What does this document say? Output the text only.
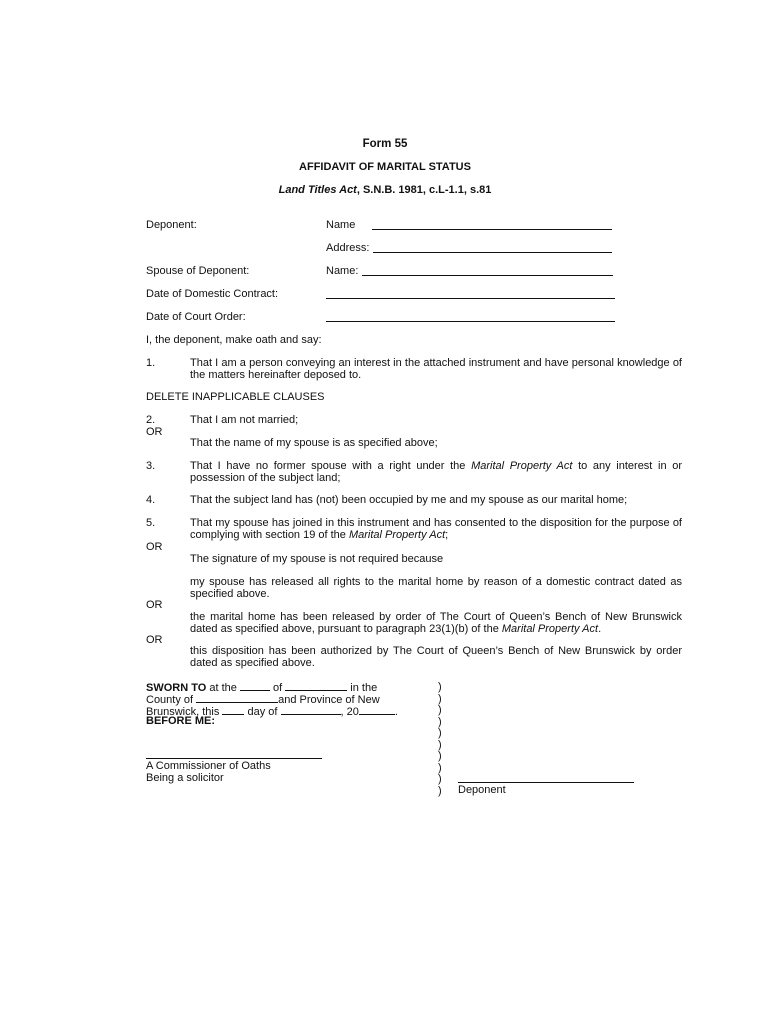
Form 55
AFFIDAVIT OF MARITAL STATUS
Land Titles Act, S.N.B. 1981, c.L-1.1, s.81
Deponent:	Name
Address:
Spouse of Deponent:	Name:
Date of Domestic Contract:
Date of Court Order:
I, the deponent, make oath and say:
1.	That I am a person conveying an interest in the attached instrument and have personal knowledge of the matters hereinafter deposed to.
DELETE INAPPLICABLE CLAUSES
2.	That I am not married;
OR
That the name of my spouse is as specified above;
3.	That I have no former spouse with a right under the Marital Property Act to any interest in or possession of the subject land;
4.	That the subject land has (not) been occupied by me and my spouse as our marital home;
5.	That my spouse has joined in this instrument and has consented to the disposition for the purpose of complying with section 19 of the Marital Property Act;
OR
The signature of my spouse is not required because
my spouse has released all rights to the marital home by reason of a domestic contract dated as specified above.
OR
the marital home has been released by order of The Court of Queen’s Bench of New Brunswick dated as specified above, pursuant to paragraph 23(1)(b) of the Marital Property Act.
OR
this disposition has been authorized by The Court of Queen’s Bench of New Brunswick by order dated as specified above.
SWORN TO at the	of	in the
County of	and Province of New
Brunswick, this  day of	, 20	.
BEFORE ME:
A Commissioner of Oaths
Being a solicitor
)
)
)
)
)
)
)
)
)
) Deponent
